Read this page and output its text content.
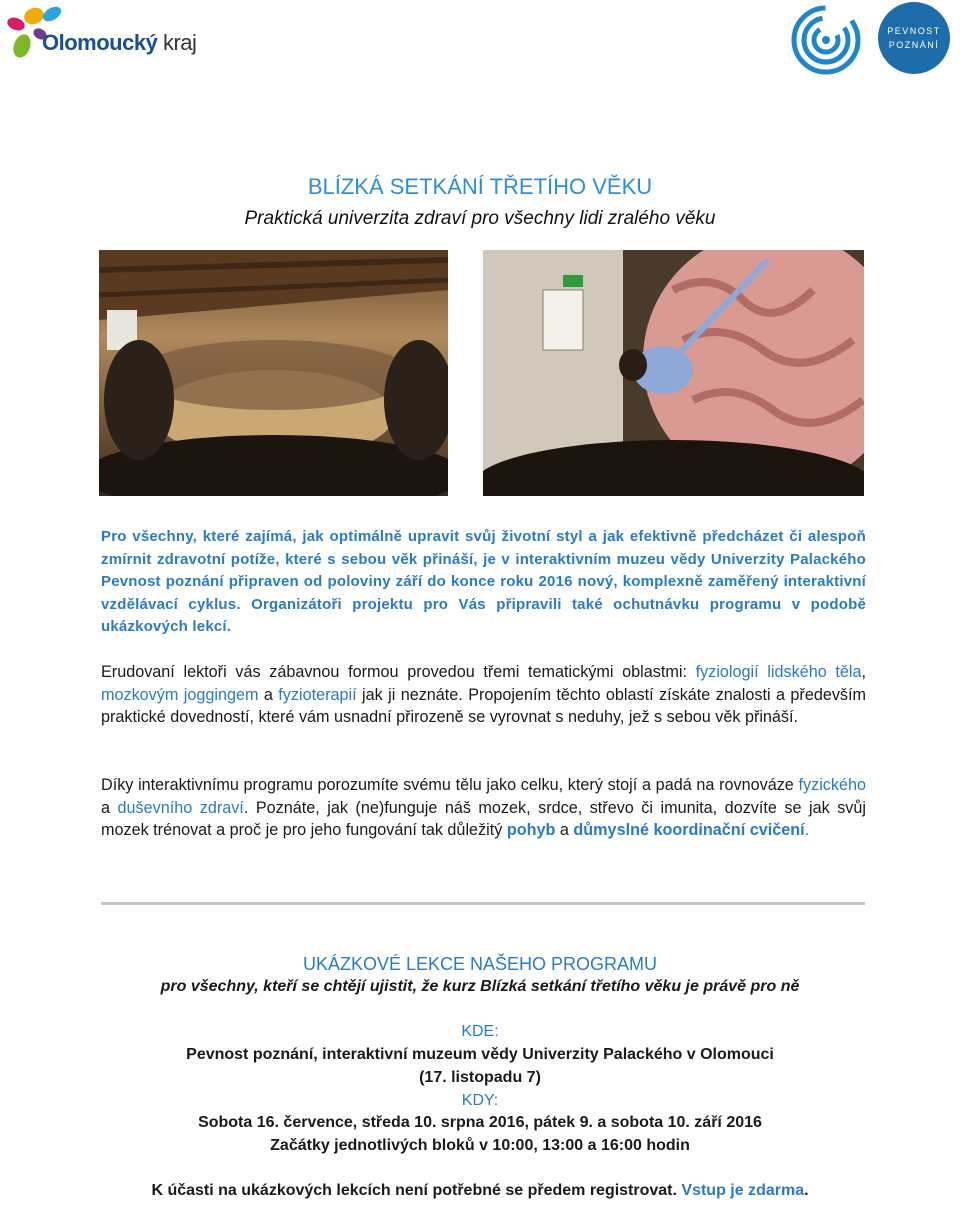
Olomoucký kraj	PEVNOST
POZNÁNÍ
BLÍZKÁ SETKÁNÍ TŘETÍHO VĚKU
Praktická univerzita zdraví pro všechny lidi zralého věku
Pro všechny, které zajímá, jak optimálně upravit svůj životní styl a jak efektivně předcházet či alespoň zmírnit zdravotní potíže, které s sebou věk přináší, je v interaktivním muzeu vědy Univerzity Palackého Pevnost poznání připraven od poloviny září do konce roku 2016 nový, komplexně zaměřený interaktivní vzdělávací cyklus. Organizátoři projektu pro Vás připravili také ochutnávku programu v podobě ukázkových lekcí.
Erudovaní lektoři vás zábavnou formou provedou třemi tematickými oblastmi: fyziologií lidského těla, mozkovým joggingem a fyzioterapií jak ji neznáte. Propojením těchto oblastí získáte znalosti a především praktické dovedností, které vám usnadní přirozeně se vyrovnat s neduhy, jež s sebou věk přináší.
Díky interaktivnímu programu porozumíte svému tělu jako celku, který stojí a padá na rovnováze fyzického a duševního zdraví. Poznáte, jak (ne)funguje náš mozek, srdce, střevo či imunita, dozvíte se jak svůj mozek trénovat a proč je pro jeho fungování tak důležitý pohyb a důmyslné koordinační cvičení.
UKÁZKOVÉ LEKCE NAŠEHO PROGRAMU
pro všechny, kteří se chtějí ujistit, že kurz Blízká setkání třetího věku je právě pro ně
KDE:
Pevnost poznání, interaktivní muzeum vědy Univerzity Palackého v Olomouci
(17. listopadu 7)
KDY:
Sobota 16. července, středa 10. srpna 2016, pátek 9. a sobota 10. září 2016
Začátky jednotlivých bloků v 10:00, 13:00 a 16:00 hodin
K účasti na ukázkových lekcích není potřebné se předem registrovat. Vstup je zdarma.
